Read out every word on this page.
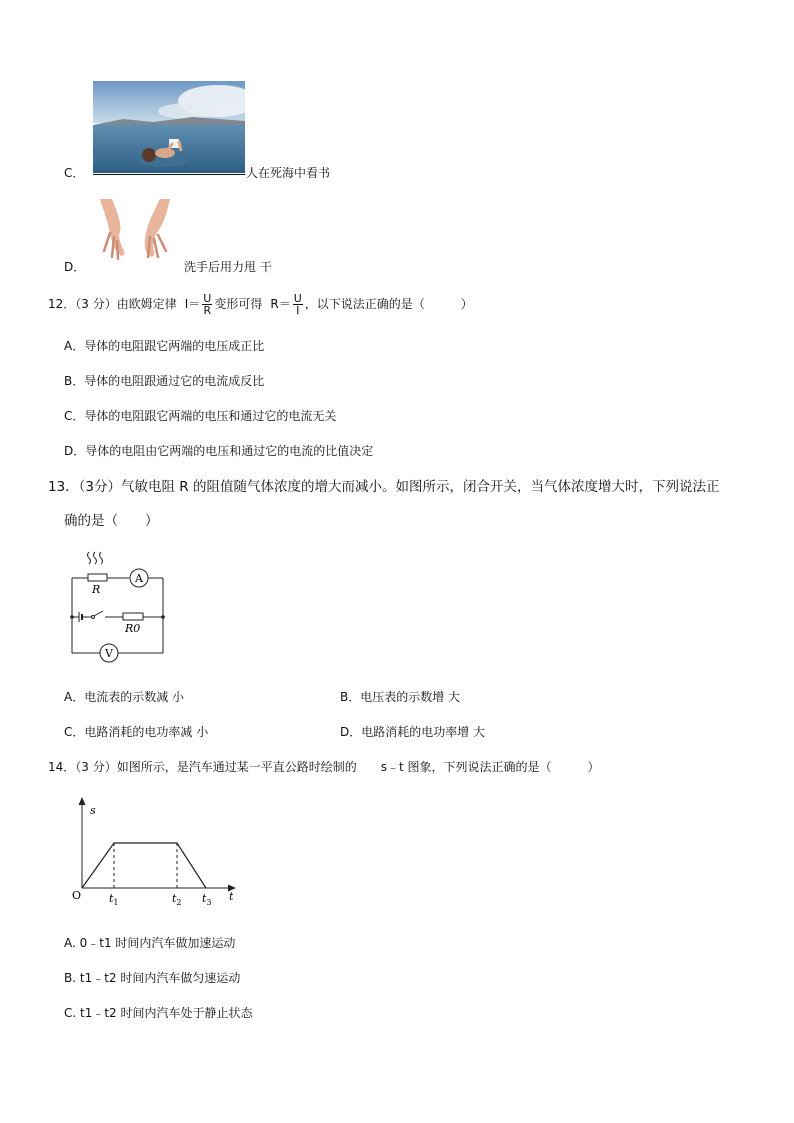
C．	人在死海中看书
D．	洗手后用力甩 干
12．（3 分）由欧姆定律 $I= \frac{U}{R}$ 变形可得 $R= \frac{U}{I}$ ，以下说法正确的是（　　　）
A．导体的电阻跟它两端的电压成正比
B．导体的电阻跟通过它的电流成反比
C．导体的电阻跟它两端的电压和通过它的电流无关
D．导体的电阻由它两端的电压和通过它的电流的比值决定
13．（3分）气敏电阻 R 的阻值随气体浓度的增大而减小。如图所示，闭合开关，当气体浓度增大时，下列说法正
确的是（　　）
A
R
R0
V
A．电流表的示数减 小	B．电压表的示数增 大
C．电路消耗的电功率减 小	D．电路消耗的电功率增 大
14．（3 分）如图所示，是汽车通过某一平直公路时绘制的　　s﹣t 图象，下列说法正确的是（　　　）
s
t
O	$t_1$	$t_2$ $t_3$
A. 0﹣t1 时间内汽车做加速运动
B. t1﹣t2 时间内汽车做匀速运动
C. t1﹣t2 时间内汽车处于静止状态
